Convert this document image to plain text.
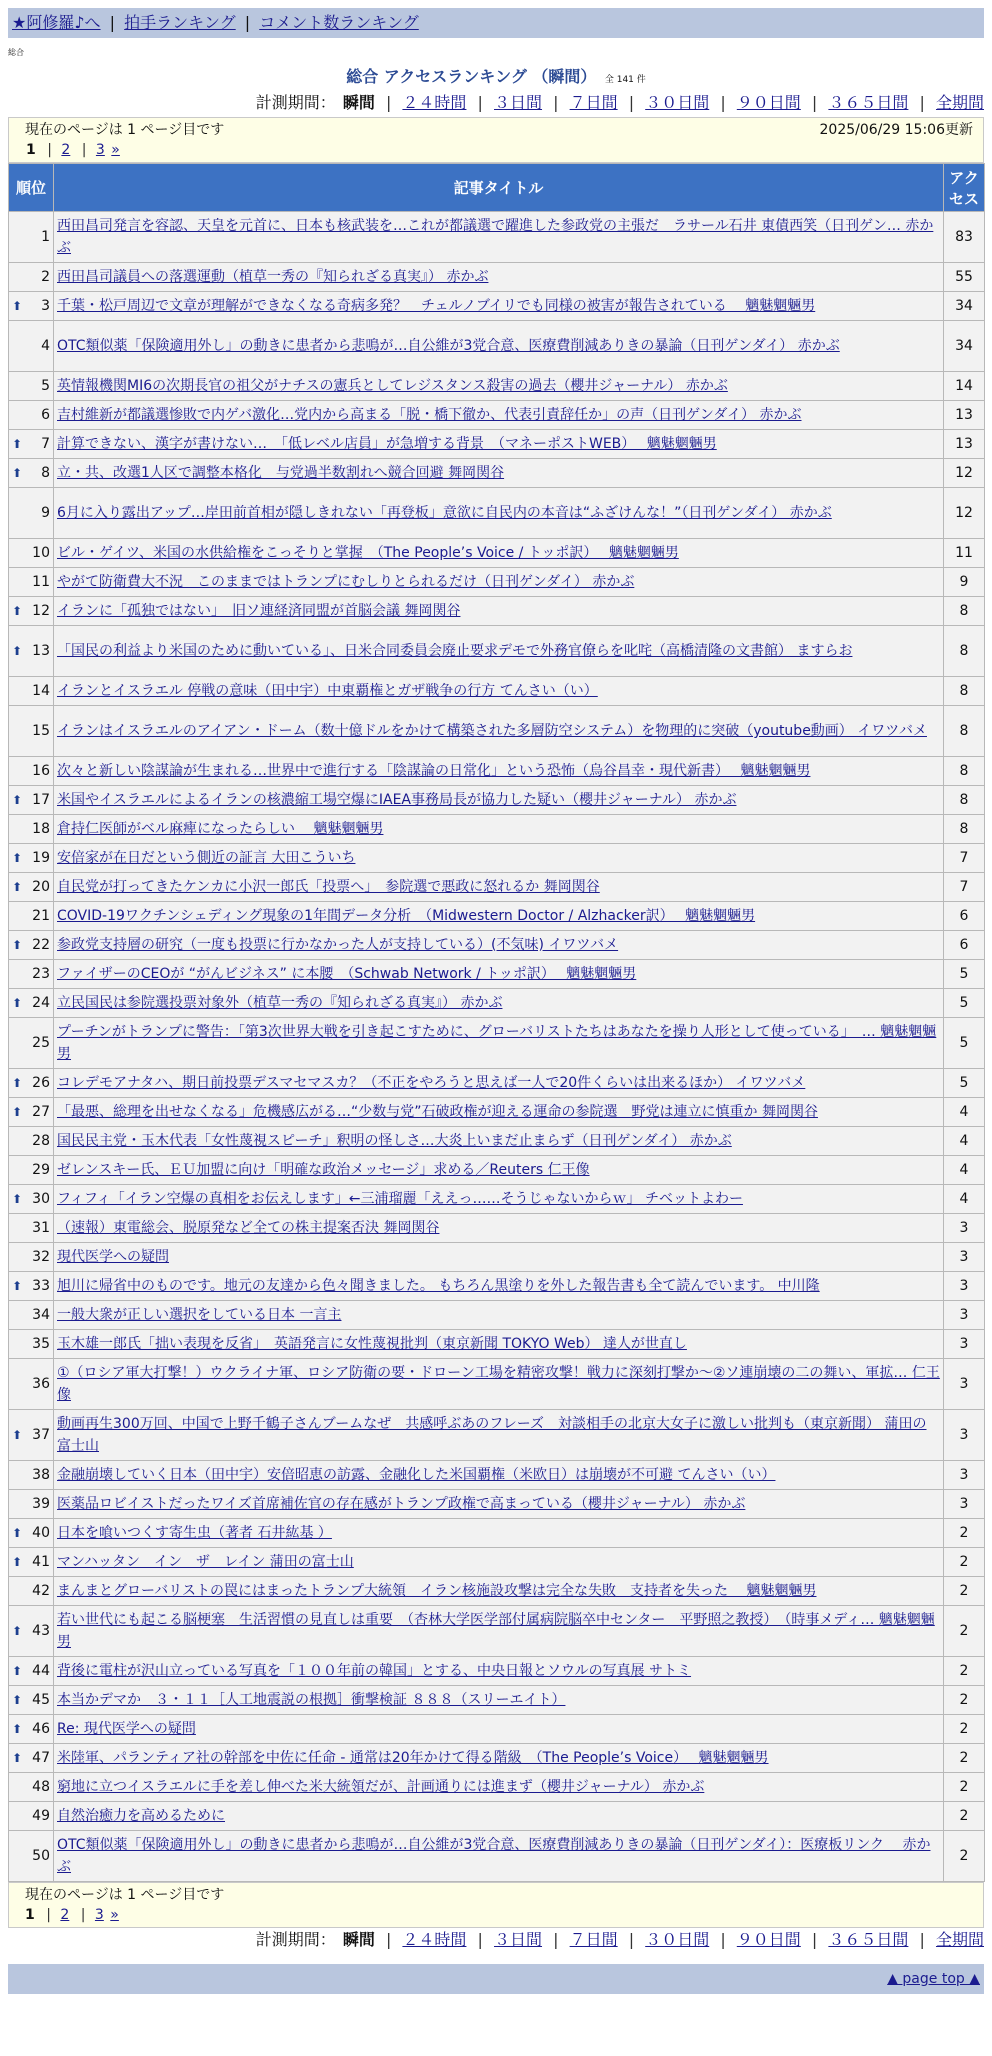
★阿修羅♪へ | 拍手ランキング | コメント数ランキング
総合
総合 アクセスランキング （瞬間） 全 141 件
計測期間： 瞬間 | ２４時間 | ３日間 | ７日間 | ３０日間 | ９０日間 | ３６５日間 | 全期間
現在のページは 1 ページ目です	2025/06/29 15:06更新
1 | 2 | 3 »
順位	記事タイトル	アクセス
1	西田昌司発言を容認、天皇を元首に、日本も核武装を…これが都議選で躍進した参政党の主張だ　ラサール石井 東債西笑（日刊ゲン… 赤かぶ	83
2	西田昌司議員への落選運動（植草一秀の『知られざる真実』） 赤かぶ	55

⬆ 3	千葉・松戸周辺で文章が理解ができなくなる奇病多発？　チェルノブイリでも同様の被害が報告されている　 魑魅魍魎男	34
4	OTC類似薬「保険適用外し」の動きに患者から悲鳴が…自公維が3党合意、医療費削減ありきの暴論（日刊ゲンダイ） 赤かぶ	34
5	英情報機関MI6の次期長官の祖父がナチスの憲兵としてレジスタンス殺害の過去（櫻井ジャーナル） 赤かぶ	14
6	吉村維新が都議選惨敗で内ゲバ激化…党内から高まる「脱・橋下徹か、代表引責辞任か」の声（日刊ゲンダイ） 赤かぶ	13

⬆ 7	計算できない、漢字が書けない…　「低レベル店員」が急増する背景　（マネーポストWEB）　 魑魅魍魎男	13

⬆ 8	立・共、改選1人区で調整本格化　与党過半数割れへ競合回避 舞岡関谷	12
9	6月に入り露出アップ…岸田前首相が隠しきれない「再登板」意欲に自民内の本音は“ふざけんな！”（日刊ゲンダイ） 赤かぶ	12
10	ビル・ゲイツ、米国の水供給権をこっそりと掌握　（The People’s Voice / トッポ訳）　 魑魅魍魎男	11
11	やがて防衛費大不況　このままではトランプにむしりとられるだけ（日刊ゲンダイ） 赤かぶ	9

⬆ 12	イランに「孤独ではない」　旧ソ連経済同盟が首脳会議 舞岡関谷	8

⬆ 13	「国民の利益より米国のために動いている」、日米合同委員会廃止要求デモで外務官僚らを叱咤（高橋清隆の文書館） ますらお	8
14	イランとイスラエル 停戦の意味（田中宇）中東覇権とガザ戦争の行方 てんさい（い）	8
15	イランはイスラエルのアイアン・ドーム（数十億ドルをかけて構築された多層防空システム）を物理的に突破（youtube動画） イワツバメ	8
16	次々と新しい陰謀論が生まれる…世界中で進行する「陰謀論の日常化」という恐怖（烏谷昌幸・現代新書）　 魑魅魍魎男	8

⬆ 17	米国やイスラエルによるイランの核濃縮工場空爆にIAEA事務局長が協力した疑い（櫻井ジャーナル） 赤かぶ	8
18	倉持仁医師がベル麻痺になったらしい　 魑魅魍魎男	8

⬆ 19	安倍家が在日だという側近の証言 大田こういち	7

⬆ 20	自民党が打ってきたケンカに小沢一郎氏「投票へ」　参院選で悪政に怒れるか 舞岡関谷	7
21	COVID-19ワクチンシェディング現象の1年間データ分析　（Midwestern Doctor / Alzhacker訳）　 魑魅魍魎男	6

⬆ 22	参政党支持層の研究（一度も投票に行かなかった人が支持している）(不気味) イワツバメ	6
23	ファイザーのCEOが “がんビジネス” に本腰　（Schwab Network / トッポ訳）　 魑魅魍魎男	5

⬆ 24	立民国民は参院選投票対象外（植草一秀の『知られざる真実』） 赤かぶ	5
25	プーチンがトランプに警告：「第3次世界大戦を引き起こすために、グローバリストたちはあなたを操り人形として使っている」　… 魑魅魍魎男	5

⬆ 26	コレデモアナタハ、期日前投票デスマセマスカ？（不正をやろうと思えば一人で20件くらいは出来るほか） イワツバメ	5

⬆ 27	「最悪、総理を出せなくなる」危機感広がる…“少数与党”石破政権が迎える運命の参院選　野党は連立に慎重か 舞岡関谷	4
28	国民民主党・玉木代表「女性蔑視スピーチ」釈明の怪しさ…大炎上いまだ止まらず（日刊ゲンダイ） 赤かぶ	4
29	ゼレンスキー氏、ＥＵ加盟に向け「明確な政治メッセージ」求める／Reuters 仁王像	4

⬆ 30	フィフィ「イラン空爆の真相をお伝えします」←三浦瑠麗「ええっ……そうじゃないからｗ」 チベットよわー	4
31	（速報）東電総会、脱原発など全ての株主提案否決 舞岡関谷	3
32	現代医学への疑問	3

⬆ 33	旭川に帰省中のものです。地元の友達から色々聞きました。 もちろん黒塗りを外した報告書も全て読んでいます。 中川隆	3
34	一般大衆が正しい選択をしている日本 一言主	3
35	玉木雄一郎氏「拙い表現を反省」　英語発言に女性蔑視批判（東京新聞 TOKYO Web） 達人が世直し	3
36	①（ロシア軍大打撃！）ウクライナ軍、ロシア防衛の要・ドローン工場を精密攻撃！戦力に深刻打撃か～②ソ連崩壊の二の舞い、軍拡… 仁王像	3

⬆ 37	動画再生300万回、中国で上野千鶴子さんブームなぜ　共感呼ぶあのフレーズ　対談相手の北京大女子に激しい批判も（東京新聞） 蒲田の富士山	3
38	金融崩壊していく日本（田中宇）安倍昭恵の訪露、金融化した米国覇権（米欧日）は崩壊が不可避 てんさい（い）	3
39	医薬品ロビイストだったワイズ首席補佐官の存在感がトランプ政権で高まっている（櫻井ジャーナル） 赤かぶ	3

⬆ 40	日本を喰いつくす寄生虫（著者 石井紘基 ）	2

⬆ 41	マンハッタン　イン　ザ　レイン 蒲田の富士山	2
42	まんまとグローバリストの罠にはまったトランプ大統領　イラン核施設攻撃は完全な失敗　支持者を失った　 魑魅魍魎男	2

⬆ 43	若い世代にも起こる脳梗塞　生活習慣の見直しは重要　（杏林大学医学部付属病院脳卒中センター　平野照之教授）　（時事メディ… 魑魅魍魎男	2

⬆ 44	背後に電柱が沢山立っている写真を「１００年前の韓国」とする、中央日報とソウルの写真展 サトミ	2

⬆ 45	本当かデマか　３・１１［人工地震説の根拠］衝撃検証 ８８８（スリーエイト）	2

⬆ 46	Re: 現代医学への疑問	2

⬆ 47	米陸軍、パランティア社の幹部を中佐に任命 - 通常は20年かけて得る階級　（The People’s Voice）　 魑魅魍魎男	2
48	窮地に立つイスラエルに手を差し伸べた米大統領だが、計画通りには進まず（櫻井ジャーナル） 赤かぶ	2
49	自然治癒力を高めるために	2
50	OTC類似薬「保険適用外し」の動きに患者から悲鳴が…自公維が3党合意、医療費削減ありきの暴論（日刊ゲンダイ）：医療板リンク　 赤かぶ	2
現在のページは 1 ページ目です
1 | 2 | 3 »
計測期間： 瞬間 | ２４時間 | ３日間 | ７日間 | ３０日間 | ９０日間 | ３６５日間 | 全期間
▲ page top ▲
